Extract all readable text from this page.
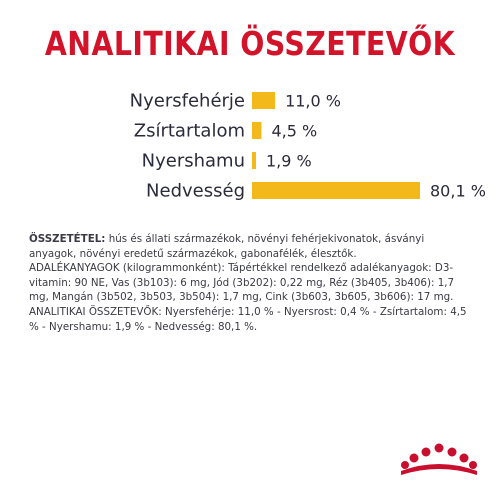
ANALITIKAI ÖSSZETEVŐK
Nyersfehérje	11,0 %
Zsírtartalom 4,5 %
Nyershamu 1,9 %
Nedvesség	80,1 %

ÖSSZETÉTEL: hús és állati származékok, növényi fehérjekivonatok, ásványi anyagok, növényi eredetű származékok, gabonafélék, élesztők.

ADALÉKANYAGOK (kilogrammonként): Tápértékkel rendelkező adalékanyagok: D3-vitamin: 90 NE, Vas (3b103): 6 mg, Jód (3b202): 0,22 mg, Réz (3b405, 3b406): 1,7 mg, Mangán (3b502, 3b503, 3b504): 1,7 mg, Cink (3b603, 3b605, 3b606): 17 mg.

ANALITIKAI ÖSSZETEVŐK: Nyersfehérje: 11,0 % - Nyersrost: 0,4 % - Zsírtartalom: 4,5 % - Nyershamu: 1,9 % - Nedvesség: 80,1 %.
